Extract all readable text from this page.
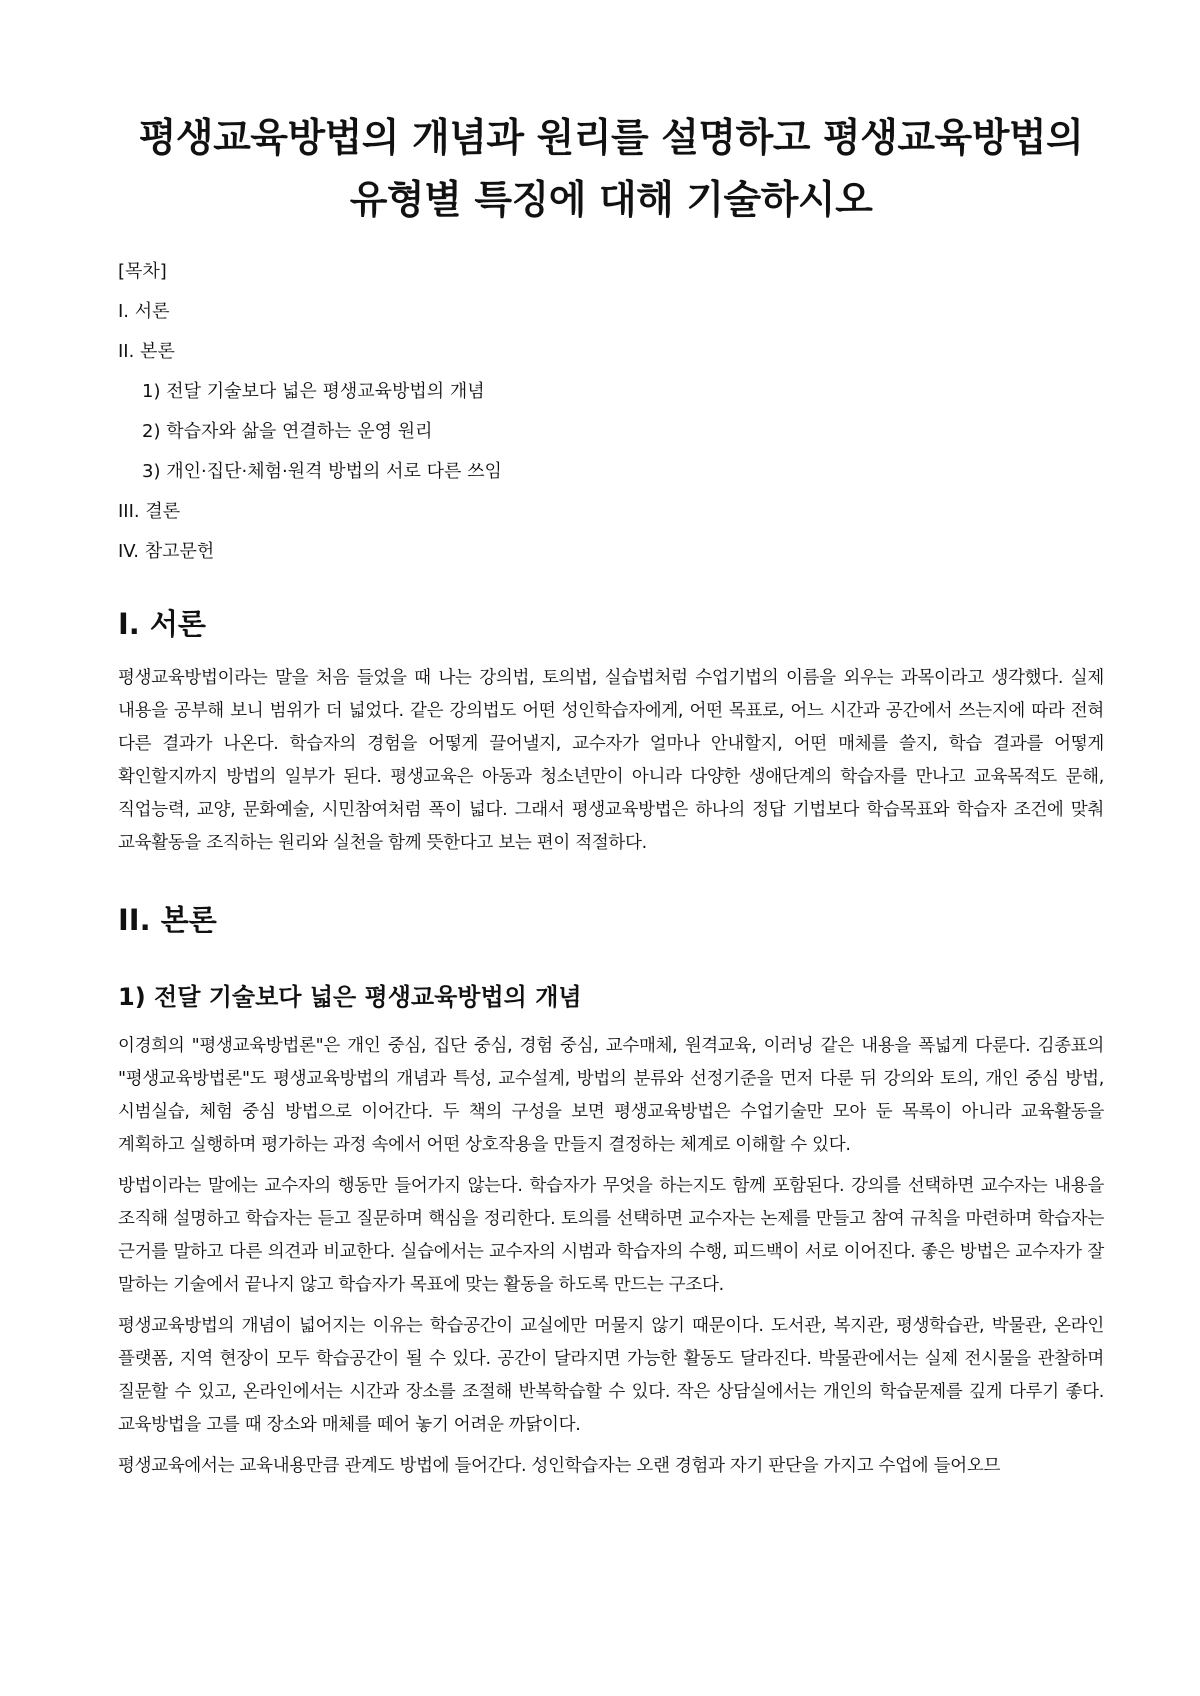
평생교육방법의 개념과 원리를 설명하고 평생교육방법의 유형별 특징에 대해 기술하시오
[목차]
I. 서론
II. 본론
1) 전달 기술보다 넓은 평생교육방법의 개념
2) 학습자와 삶을 연결하는 운영 원리
3) 개인·집단·체험·원격 방법의 서로 다른 쓰임
III. 결론
IV. 참고문헌
I. 서론

평생교육방법이라는 말을 처음 들었을 때 나는 강의법, 토의법, 실습법처럼 수업기법의 이름을 외우는 과목이라고 생각했다. 실제 내용을 공부해 보니 범위가 더 넓었다. 같은 강의법도 어떤 성인학습자에게, 어떤 목표로, 어느 시간과 공간에서 쓰는지에 따라 전혀 다른 결과가 나온다. 학습자의 경험을 어떻게 끌어낼지, 교수자가 얼마나 안내할지, 어떤 매체를 쓸지, 학습 결과를 어떻게 확인할지까지 방법의 일부가 된다. 평생교육은 아동과 청소년만이 아니라 다양한 생애단계의 학습자를 만나고 교육목적도 문해, 직업능력, 교양, 문화예술, 시민참여처럼 폭이 넓다. 그래서 평생교육방법은 하나의 정답 기법보다 학습목표와 학습자 조건에 맞춰 교육활동을 조직하는 원리와 실천을 함께 뜻한다고 보는 편이 적절하다.

II. 본론
1) 전달 기술보다 넓은 평생교육방법의 개념

이경희의 "평생교육방법론"은 개인 중심, 집단 중심, 경험 중심, 교수매체, 원격교육, 이러닝 같은 내용을 폭넓게 다룬다. 김종표의 "평생교육방법론"도 평생교육방법의 개념과 특성, 교수설계, 방법의 분류와 선정기준을 먼저 다룬 뒤 강의와 토의, 개인 중심 방법, 시범실습, 체험 중심 방법으로 이어간다. 두 책의 구성을 보면 평생교육방법은 수업기술만 모아 둔 목록이 아니라 교육활동을 계획하고 실행하며 평가하는 과정 속에서 어떤 상호작용을 만들지 결정하는 체계로 이해할 수 있다.

방법이라는 말에는 교수자의 행동만 들어가지 않는다. 학습자가 무엇을 하는지도 함께 포함된다. 강의를 선택하면 교수자는 내용을 조직해 설명하고 학습자는 듣고 질문하며 핵심을 정리한다. 토의를 선택하면 교수자는 논제를 만들고 참여 규칙을 마련하며 학습자는 근거를 말하고 다른 의견과 비교한다. 실습에서는 교수자의 시범과 학습자의 수행, 피드백이 서로 이어진다. 좋은 방법은 교수자가 잘 말하는 기술에서 끝나지 않고 학습자가 목표에 맞는 활동을 하도록 만드는 구조다.

평생교육방법의 개념이 넓어지는 이유는 학습공간이 교실에만 머물지 않기 때문이다. 도서관, 복지관, 평생학습관, 박물관, 온라인 플랫폼, 지역 현장이 모두 학습공간이 될 수 있다. 공간이 달라지면 가능한 활동도 달라진다. 박물관에서는 실제 전시물을 관찰하며 질문할 수 있고, 온라인에서는 시간과 장소를 조절해 반복학습할 수 있다. 작은 상담실에서는 개인의 학습문제를 깊게 다루기 좋다. 교육방법을 고를 때 장소와 매체를 떼어 놓기 어려운 까닭이다.

평생교육에서는 교육내용만큼 관계도 방법에 들어간다. 성인학습자는 오랜 경험과 자기 판단을 가지고 수업에 들어오므
